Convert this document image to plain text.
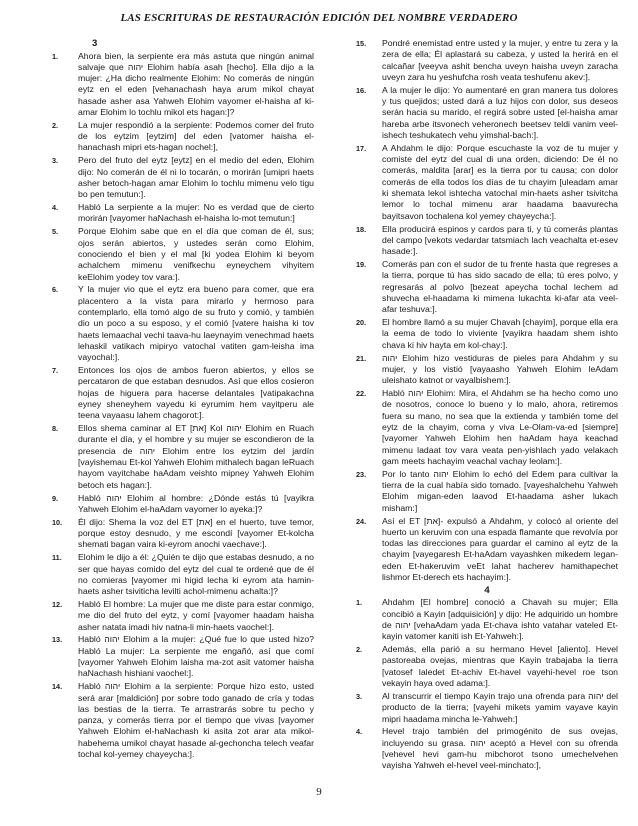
LAS ESCRITURAS DE RESTAURACIÓN EDICIÓN DEL NOMBRE VERDADERO
3
1.	Ahora bien, la serpiente era más astuta que ningún animal salvaje que יהוה Elohim había asah [hecho]. Ella dijo a la mujer: ¿Ha dicho realmente Elohim: No comerás de ningún eytz en el eden [vehanachash haya arum mikol chayat hasade asher asa Yahweh Elohim vayomer el-haisha af ki-amar Elohim lo tochlu mikol ets hagan:]?
2.	La mujer respondió a la serpiente: Podemos comer del fruto de los eytzim [eytzim] del eden [vatomer haisha el-hanachash mipri ets-hagan nochel:],
3.	Pero del fruto del eytz [eytz] en el medio del eden, Elohim dijo: No comerán de él ni lo tocarán, o morirán [umipri haets asher betoch-hagan amar Elohim lo tochlu mimenu velo tigu bo pen temutun:].
4.	Habló La serpiente a la mujer: No es verdad que de cierto morirán [vayomer haNachash el-haisha lo-mot temutun:]
5.	Porque Elohim sabe que en el día que coman de él, sus; ojos serán abiertos, y ustedes serán como Elohim, conociendo el bien y el mal [ki yodea Elohim ki beyom achalchem mimenu venifkechu eyneychem vihyitem keElohim yodey tov vara:].
6.	Y la mujer vio que el eytz era bueno para comer, que era placentero a la vista para mirarlo y hermoso para contemplarlo, ella tomó algo de su fruto y comió, y también dio un poco a su esposo, y el comió [vatere haisha ki tov haets lemaachal vechi taava-hu laeynayim venechmad haets lehaskil vatikach mipiryo vatochal vatiten gam-leisha ima vayochal:].
7.	Entonces los ojos de ambos fueron abiertos, y ellos se percataron de que estaban desnudos. Así que ellos cosieron hojas de higuera para hacerse delantales [vatipakachna eyney sheneyhem vayedu ki eyrumim hem vayitperu ale teena vayaasu lahem chagorot:].
8.	Ellos shema caminar al ET [את] Kol יהוה Elohim en Ruach durante el día, y el hombre y su mujer se escondieron de la presencia de יהוה Elohim entre los eytzim del jardín [vayishemau Et-kol Yahweh Elohim mithalech bagan leRuach hayom vayitchabe haAdam veishto mipney Yahweh Elohim betoch ets hagan:].
9.	Habló יהוה Elohim al hombre: ¿Dónde estás tú [vayikra Yahweh Elohim el-haAdam vayomer lo ayeka:]?
10.	Él dijo: Shema la voz del ET [את] en el huerto, tuve temor, porque estoy desnudo, y me escondí [vayomer Et-kolcha shemati bagan vaira ki-eyrom anochi vaechave:].
11.	Elohim le dijo a él: ¿Quién te dijo que estabas desnudo, a no ser que hayas comido del eytz del cual te ordené que de él no comieras [vayomer mi higid lecha ki eyrom ata hamin-haets asher tsiviticha levilti achol-mimenu achalta:]?
12.	Habló El hombre: La mujer que me diste para estar conmigo, me dio del fruto del eytz, y comí [vayomer haadam haisha asher natata imadi hiv natna-li min-haets vaochel:].
13.	Habló יהוה Elohim a la mujer: ¿Qué fue lo que usted hizo? Habló La mujer: La serpiente me engañó, así que comí [vayomer Yahweh Elohim laisha ma-zot asit vatomer haisha haNachash hishiani vaochel:].
14.	Habló יהוה Elohim a la serpiente: Porque hizo esto, usted será arar [maldición] por sobre todo ganado de cría y todas las bestias de la tierra. Te arrastrarás sobre tu pecho y panza, y comerás tierra por el tiempo que vivas [vayomer Yahweh Elohim el-haNachash ki asita zot arar ata mikol-habehema umikol chayat hasade al-gechoncha telech veafar tochal kol-yemey chayeycha:].
15.	Pondré enemistad entre usted y la mujer, y entre tu zera y la zera de ella; Él aplastará su cabeza, y usted la herirá en el calcañar [veeyva ashit bencha uveyn haisha uveyn zaracha uveyn zara hu yeshufcha rosh veata teshufenu akev:].
16.	A la mujer le dijo: Yo aumentaré en gran manera tus dolores y tus quejidos; usted dará a luz hijos con dolor, sus deseos serán hacia su marido, el regirá sobre usted [el-haisha amar hareba arbe itsvonech veheronech beetsev teldi vanim veel-ishech teshukatech vehu yimshal-bach:].
17.	A Ahdahm le dijo: Porque escuchaste la voz de tu mujer y comiste del eytz del cual di una orden, diciendo: De él no comerás, maldita [arar] es la tierra por tu causa; con dolor comerás de ella todos los días de tu chayim [uleadam amar ki shemata lekol ishtecha vatochal min-haets asher tsivitcha lemor lo tochal mimenu arar haadama baavurecha bayitsavon tochalena kol yemey chayeycha:].
18.	Ella producirá espinos y cardos para ti, y tú comerás plantas del campo [vekots vedardar tatsmiach lach veachalta et-esev hasade:].
19.	Comerás pan con el sudor de tu frente hasta que regreses a la tierra, porque tú has sido sacado de ella; tú eres polvo, y regresarás al polvo [bezeat apeycha tochal lechem ad shuvecha el-haadama ki mimena lukachta ki-afar ata veel-afar teshuva:].
20.	El hombre llamó a su mujer Chavah [chayim], porque ella era la eema de todo lo viviente [vayikra haadam shem ishto chava ki hiv hayta em kol-chay:].
21.	יהוה Elohim hizo vestiduras de pieles para Ahdahm y su mujer, y los vistió [vayaasho Yahweh Elohim leAdam uleishato katnot or vayalbishem:].
22.	Habló יהוה Elohim: Mira, el Ahdahm se ha hecho como uno de nosotros, conoce lo bueno y lo malo, ahora, retiremos fuera su mano, no sea que la extienda y también tome del eytz de la chayim, coma y viva Le-Olam-va-ed [siempre] [vayomer Yahweh Elohim hen haAdam haya keachad mimenu ladaat tov vara veata pen-yishlach yado velakach gam meets hachayim veachal vachay leolam:].
23.	Por lo tanto יהוה Elohim lo echó del Edem para cultivar la tierra de la cual había sido tomado. [vayeshalchehu Yahweh Elohim migan-eden laavod Et-haadama asher lukach misham:]
24.	Así el ET [את]- expulsó a Ahdahm, y colocó al oriente del huerto un keruvim con una espada flamante que revolvía por todas las direcciones para guardar el camino al eytz de la chayim [vayegaresh Et-haAdam vayashken mikedem legan-eden Et-hakeruvim veEt lahat hacherev hamithapechet lishmor Et-derech ets hachayim:].
4
1.	Ahdahm [El hombre] conoció a Chavah su mujer; Ella concibió a Kayin [adquisición] y dijo: He adquirido un hombre de יהוה [vehaAdam yada Et-chava ishto vatahar vateled Et-kayin vatomer kaniti ish Et-Yahweh:].
2.	Además, ella parió a su hermano Hevel [aliento]. Hevel pastoreaba ovejas, mientras que Kayin trabajaba la tierra [vatosef laledet Et-achiv Et-havel vayehi-hevel roe tson vekayin haya oved adama:].
3.	Al transcurrir el tiempo Kayin trajo una ofrenda para יהוה del producto de la tierra; [vayehi mikets yamim vayave kayin mipri haadama mincha le-Yahweh:]
4.	Hevel trajo también del primogénito de sus ovejas, incluyendo su grasa. יהוה aceptó a Hevel con su ofrenda [vehevel hevi gam-hu mibchorot tsono umechelvehen vayisha Yahweh el-hevel veel-minchato:],
9
